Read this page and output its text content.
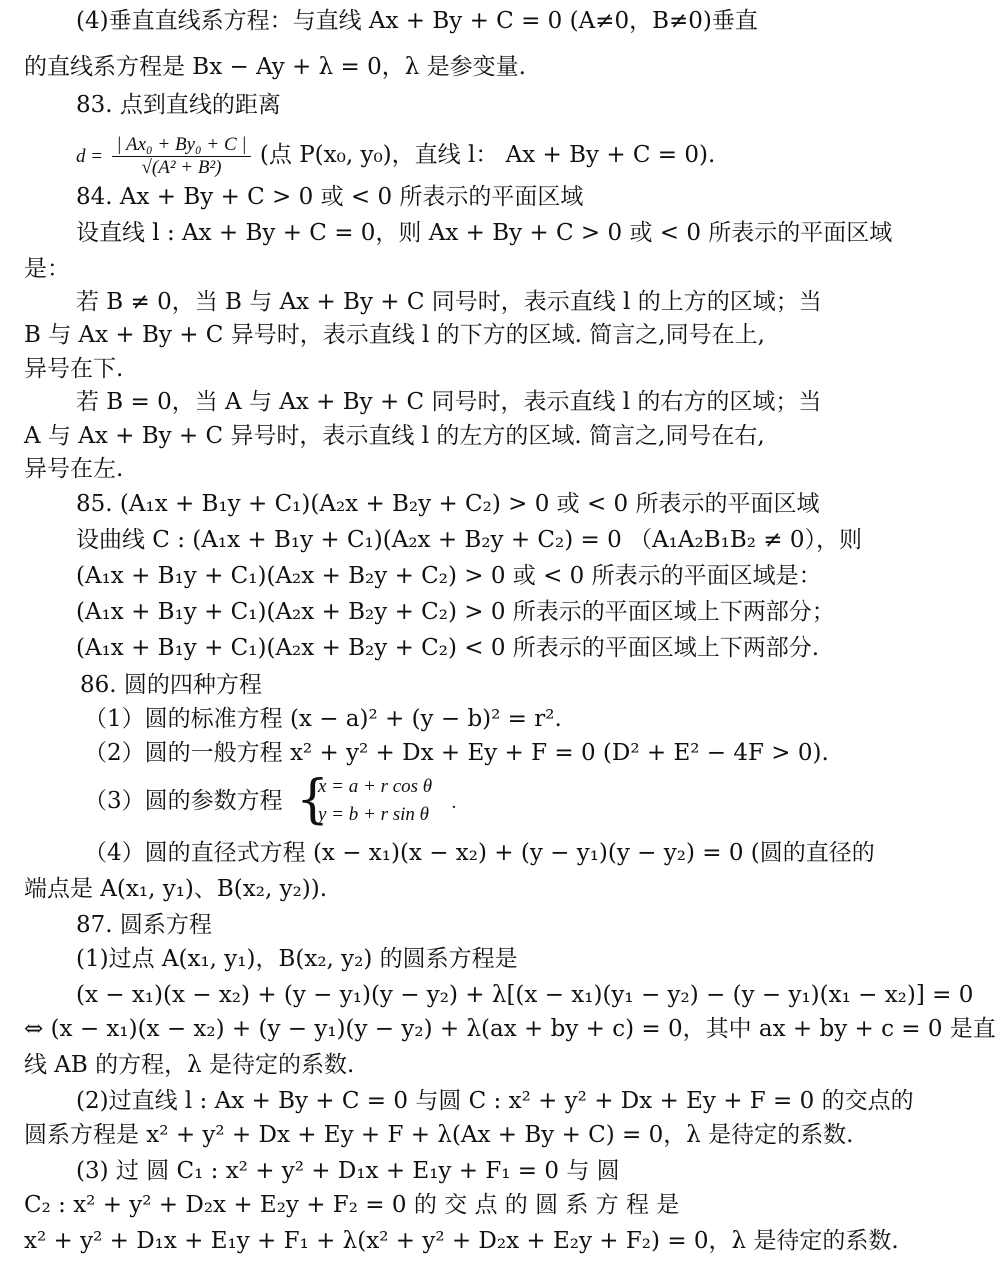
$d = \frac{\text{| Ax₀ + By₀ + C |}}{\text{√(A² + B²)}}$ (点 P(x₀, y₀)，直线 l： Ax + By + C = 0).
{
x = a + r cos θ
y = b + r sin θ
.
(4)垂直直线系方程：与直线 Ax + By + C = 0 (A≠0，B≠0)垂直
的直线系方程是 Bx − Ay + λ = 0，λ 是参变量.
83. 点到直线的距离
84. Ax + By + C > 0 或 < 0 所表示的平面区域
设直线 l : Ax + By + C = 0，则 Ax + By + C > 0 或 < 0 所表示的平面区域
是：
若 B ≠ 0，当 B 与 Ax + By + C 同号时，表示直线 l 的上方的区域；当
B 与 Ax + By + C 异号时，表示直线 l 的下方的区域. 简言之,同号在上,
异号在下.
若 B = 0，当 A 与 Ax + By + C 同号时，表示直线 l 的右方的区域；当
A 与 Ax + By + C 异号时，表示直线 l 的左方的区域. 简言之,同号在右,
异号在左.
85. (A₁x + B₁y + C₁)(A₂x + B₂y + C₂) > 0 或 < 0 所表示的平面区域
设曲线 C : (A₁x + B₁y + C₁)(A₂x + B₂y + C₂) = 0 （A₁A₂B₁B₂ ≠ 0），则
(A₁x + B₁y + C₁)(A₂x + B₂y + C₂) > 0 或 < 0 所表示的平面区域是：
(A₁x + B₁y + C₁)(A₂x + B₂y + C₂) > 0 所表示的平面区域上下两部分；
(A₁x + B₁y + C₁)(A₂x + B₂y + C₂) < 0 所表示的平面区域上下两部分.
86. 圆的四种方程
（1）圆的标准方程 (x − a)² + (y − b)² = r².
（2）圆的一般方程 x² + y² + Dx + Ey + F = 0 (D² + E² − 4F > 0).
（3）圆的参数方程
（4）圆的直径式方程 (x − x₁)(x − x₂) + (y − y₁)(y − y₂) = 0 (圆的直径的
端点是 A(x₁, y₁)、B(x₂, y₂)).
87. 圆系方程
(1)过点 A(x₁, y₁)，B(x₂, y₂) 的圆系方程是
(x − x₁)(x − x₂) + (y − y₁)(y − y₂) + λ[(x − x₁)(y₁ − y₂) − (y − y₁)(x₁ − x₂)] = 0
⇔ (x − x₁)(x − x₂) + (y − y₁)(y − y₂) + λ(ax + by + c) = 0，其中 ax + by + c = 0 是直
线 AB 的方程，λ 是待定的系数.
(2)过直线 l : Ax + By + C = 0 与圆 C : x² + y² + Dx + Ey + F = 0 的交点的
圆系方程是 x² + y² + Dx + Ey + F + λ(Ax + By + C) = 0，λ 是待定的系数.
(3) 过 圆 C₁ : x² + y² + D₁x + E₁y + F₁ = 0 与 圆
C₂ : x² + y² + D₂x + E₂y + F₂ = 0 的 交 点 的 圆 系 方 程 是
x² + y² + D₁x + E₁y + F₁ + λ(x² + y² + D₂x + E₂y + F₂) = 0，λ 是待定的系数.
